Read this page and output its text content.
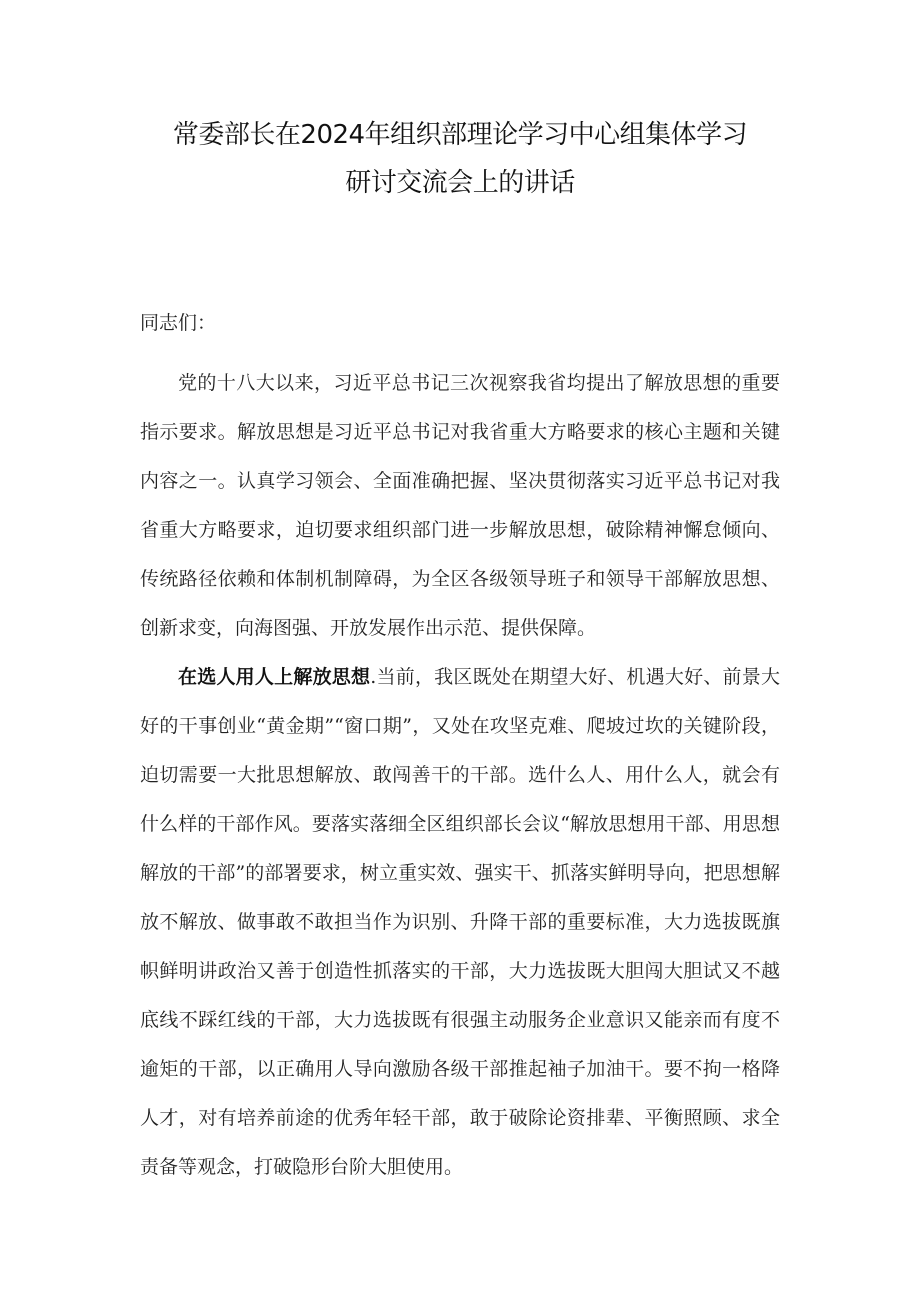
常委部长在2024年组织部理论学习中心组集体学习
研讨交流会上的讲话
同志们：

党的十八大以来，习近平总书记三次视察我省均提出了解放思想的重要指示要求。解放思想是习近平总书记对我省重大方略要求的核心主题和关键内容之一。认真学习领会、全面准确把握、坚决贯彻落实习近平总书记对我省重大方略要求，迫切要求组织部门进一步解放思想，破除精神懈怠倾向、传统路径依赖和体制机制障碍，为全区各级领导班子和领导干部解放思想、创新求变，向海图强、开放发展作出示范、提供保障。

在选人用人上解放思想.当前，我区既处在期望大好、机遇大好、前景大好的干事创业“黄金期”“窗口期”，又处在攻坚克难、爬坡过坎的关键阶段，迫切需要一大批思想解放、敢闯善干的干部。选什么人、用什么人，就会有什么样的干部作风。要落实落细全区组织部长会议“解放思想用干部、用思想解放的干部”的部署要求，树立重实效、强实干、抓落实鲜明导向，把思想解放不解放、做事敢不敢担当作为识别、升降干部的重要标准，大力选拔既旗帜鲜明讲政治又善于创造性抓落实的干部，大力选拔既大胆闯大胆试又不越底线不踩红线的干部，大力选拔既有很强主动服务企业意识又能亲而有度不逾矩的干部，以正确用人导向激励各级干部推起袖子加油干。要不拘一格降人才，对有培养前途的优秀年轻干部，敢于破除论资排辈、平衡照顾、求全责备等观念，打破隐形台阶大胆使用。
